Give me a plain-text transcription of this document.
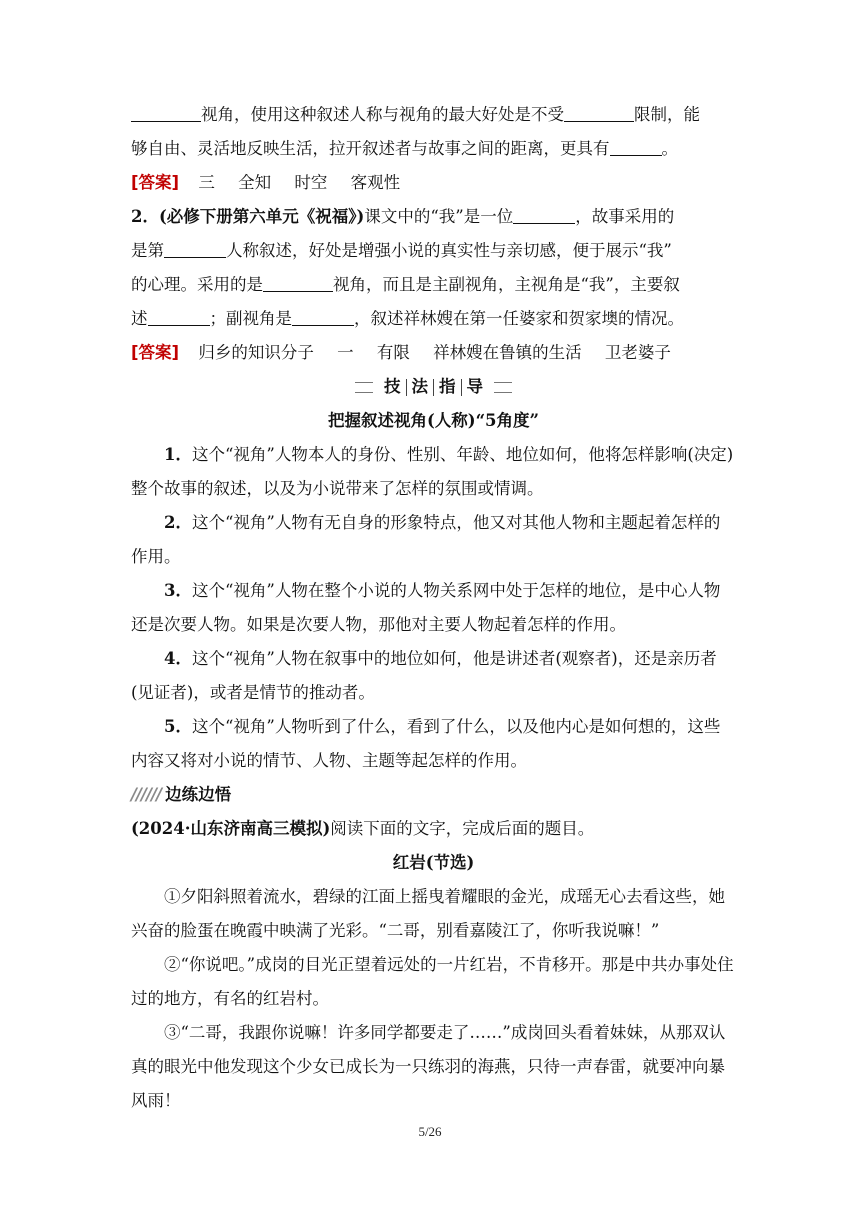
视角，使用这种叙述人称与视角的最大好处是不受	限制，能

够自由、灵活地反映生活，拉开叙述者与故事之间的距离，更具有	。

[答案] 三 全知 时空 客观性

2．(必修下册第六单元《祝福》)课文中的“我”是一位	，故事采用的

是第	人称叙述，好处是增强小说的真实性与亲切感，便于展示“我”

的心理。采用的是	视角，而且是主副视角，主视角是“我”，主要叙

述	；副视角是	，叙述祥林嫂在第一任婆家和贺家墺的情况。

[答案] 归乡的知识分子 一 有限 祥林嫂在鲁镇的生活 卫老婆子

技 法 指 导

把握叙述视角(人称)“5角度”

1．这个“视角”人物本人的身份、性别、年龄、地位如何，他将怎样影响(决定)整个故事的叙述，以及为小说带来了怎样的氛围或情调。

2．这个“视角”人物有无自身的形象特点，他又对其他人物和主题起着怎样的作用。

3．这个“视角”人物在整个小说的人物关系网中处于怎样的地位，是中心人物还是次要人物。如果是次要人物，那他对主要人物起着怎样的作用。

4．这个“视角”人物在叙事中的地位如何，他是讲述者(观察者)，还是亲历者(见证者)，或者是情节的推动者。

5．这个“视角”人物听到了什么，看到了什么，以及他内心是如何想的，这些内容又将对小说的情节、人物、主题等起怎样的作用。

////// 边练边悟

(2024·山东济南高三模拟)阅读下面的文字，完成后面的题目。

红岩(节选)

①夕阳斜照着流水，碧绿的江面上摇曳着耀眼的金光，成瑶无心去看这些，她兴奋的脸蛋在晚霞中映满了光彩。“二哥，别看嘉陵江了，你听我说嘛！”

②“你说吧。”成岗的目光正望着远处的一片红岩，不肯移开。那是中共办事处住过的地方，有名的红岩村。

③“二哥，我跟你说嘛！许多同学都要走了……”成岗回头看着妹妹，从那双认真的眼光中他发现这个少女已成长为一只练羽的海燕，只待一声春雷，就要冲向暴风雨！

5/26
